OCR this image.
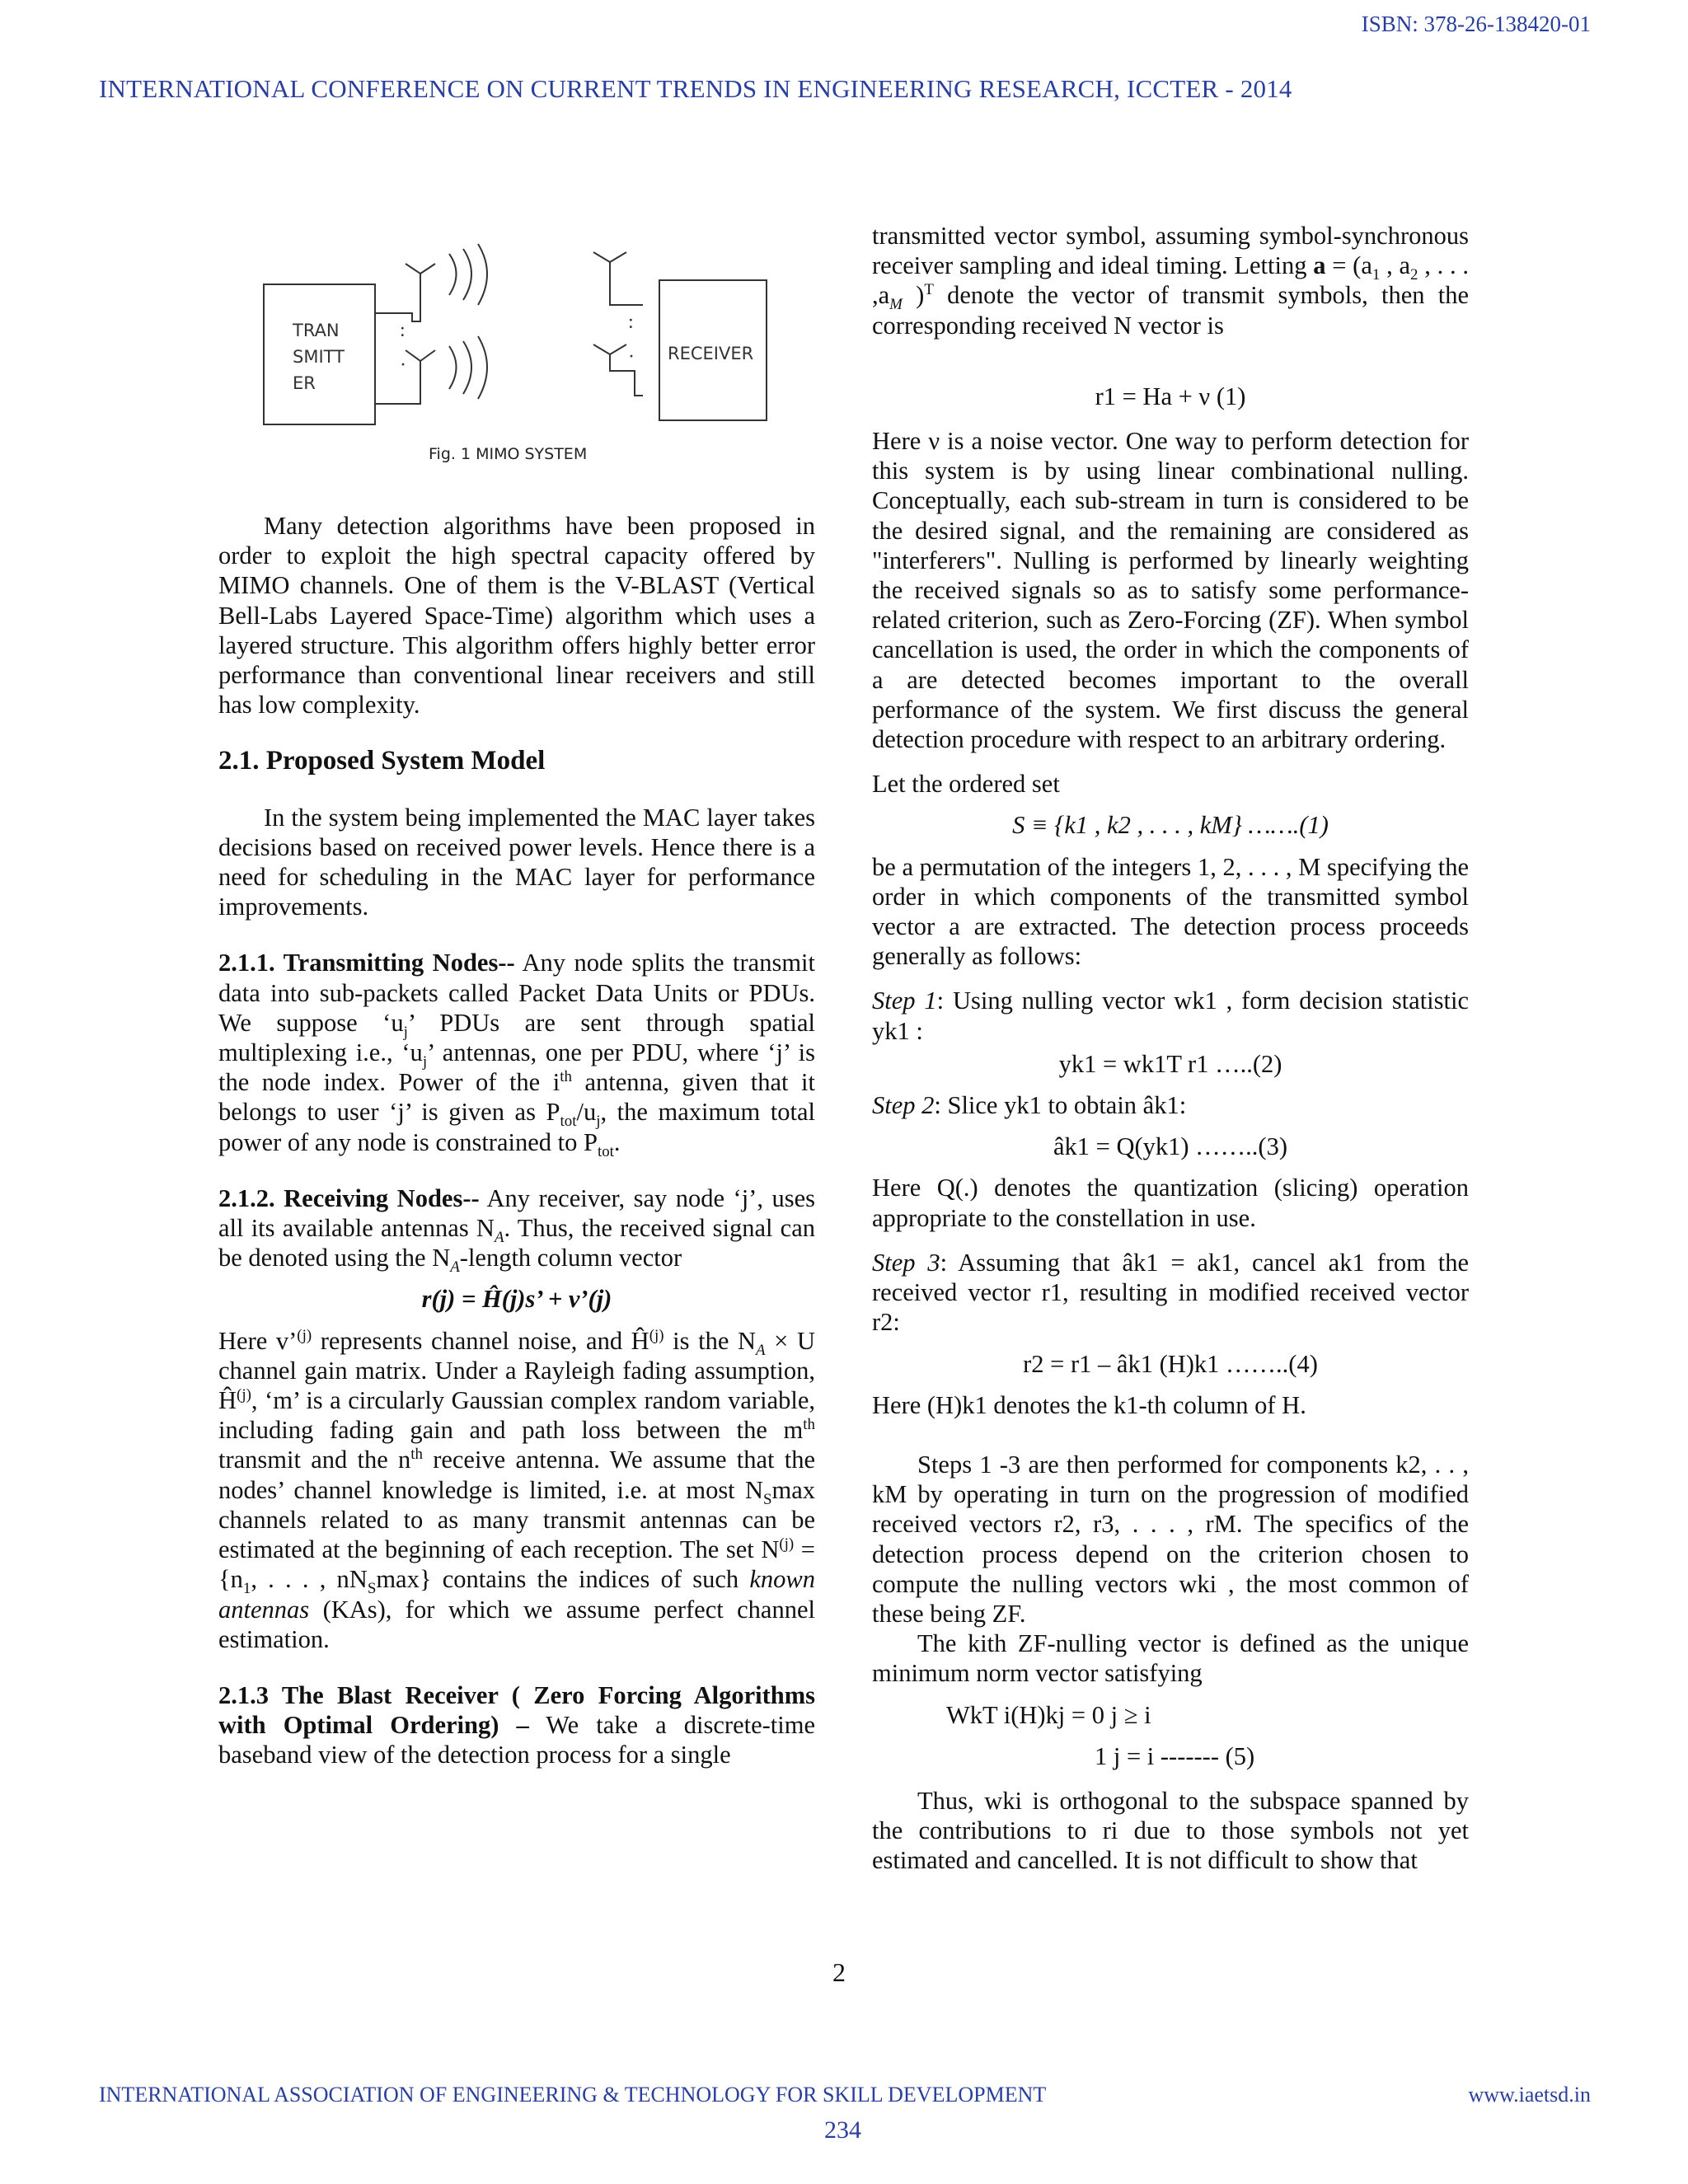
ISBN: 378-26-138420-01
INTERNATIONAL CONFERENCE ON CURRENT TRENDS IN ENGINEERING RESEARCH, ICCTER - 2014
TRAN
SMITT
ER
:
·
:
· RECEIVER
Fig. 1 MIMO SYSTEM

Many detection algorithms have been proposed in order to exploit the high spectral capacity offered by MIMO channels. One of them is the V-BLAST (Vertical Bell-Labs Layered Space-Time) algorithm which uses a layered structure. This algorithm offers highly better error performance than conventional linear receivers and still has low complexity.

2.1. Proposed System Model

In the system being implemented the MAC layer takes decisions based on received power levels. Hence there is a need for scheduling in the MAC layer for performance improvements.

2.1.1. Transmitting Nodes-- Any node splits the transmit data into sub-packets called Packet Data Units or PDUs. We suppose ‘$u_j$’ PDUs are sent through spatial multiplexing i.e., ‘$u_j$’ antennas, one per PDU, where ‘j’ is the node index. Power of the $i^{th}$ antenna, given that it belongs to user ‘j’ is given as $P_{tot}/u_j$, the maximum total power of any node is constrained to $P_{tot}$.

2.1.2. Receiving Nodes-- Any receiver, say node ‘j’, uses all its available antennas $N_A$. Thus, the received signal can be denoted using the $N_A$-length column vector

r(j) = Ĥ(j)s’ + v’(j)

Here v’$^{(j)}$ represents channel noise, and $Ĥ^{(j)}$ is the $N_A \times U$ channel gain matrix. Under a Rayleigh fading assumption, $Ĥ^{(j)}$, ‘m’ is a circularly Gaussian complex random variable, including fading gain and path loss between the $m^{th}$ transmit and the $n^{th}$ receive antenna. We assume that the nodes’ channel knowledge is limited, i.e. at most $N_S\max$ channels related to as many transmit antennas can be estimated at the beginning of each reception. The set $N^{(j)} = \{n_1$, . . . , $nN_S\max$} contains the indices of such known antennas (KAs), for which we assume perfect channel estimation.

2.1.3 The Blast Receiver ( Zero Forcing Algorithms with Optimal Ordering) – We take a discrete-time baseband view of the detection process for a single

transmitted vector symbol, assuming symbol-synchronous receiver sampling and ideal timing. Letting $a = (a_1$ , $a_2$ , . . . $,a_M$ )$^T$ denote the vector of transmit symbols, then the corresponding received N vector is

r1 = Ha + ν (1)

Here ν is a noise vector. One way to perform detection for this system is by using linear combinational nulling. Conceptually, each sub-stream in turn is considered to be the desired signal, and the remaining are considered as "interferers". Nulling is performed by linearly weighting the received signals so as to satisfy some performance-related criterion, such as Zero-Forcing (ZF). When symbol cancellation is used, the order in which the components of a are detected becomes important to the overall performance of the system. We first discuss the general detection procedure with respect to an arbitrary ordering.

Let the ordered set

S ≡ {k1 , k2 , . . . , kM} …….(1)

be a permutation of the integers 1, 2, . . . , M specifying the order in which components of the transmitted symbol vector a are extracted. The detection process proceeds generally as follows:

Step 1: Using nulling vector wk1 , form decision statistic yk1 :

yk1 = wk1T r1 …..(2)

Step 2: Slice yk1 to obtain âk1:

âk1 = Q(yk1) ……..(3)

Here Q(.) denotes the quantization (slicing) operation appropriate to the constellation in use.

Step 3: Assuming that âk1 = ak1, cancel ak1 from the received vector r1, resulting in modified received vector r2:

r2 = r1 – âk1 (H)k1 ……..(4)

Here (H)k1 denotes the k1-th column of H.

Steps 1 -3 are then performed for components k2, . . , kM by operating in turn on the progression of modified received vectors r2, r3, . . . , rM. The specifics of the detection process depend on the criterion chosen to compute the nulling vectors wki , the most common of these being ZF.

The kith ZF-nulling vector is defined as the unique minimum norm vector satisfying

WkT i(H)kj = 0 j ≥ i

1 j = i ------- (5)

Thus, wki is orthogonal to the subspace spanned by the contributions to ri due to those symbols not yet estimated and cancelled. It is not difficult to show that

2
INTERNATIONAL ASSOCIATION OF ENGINEERING & TECHNOLOGY FOR SKILL DEVELOPMENT	www.iaetsd.in
234
